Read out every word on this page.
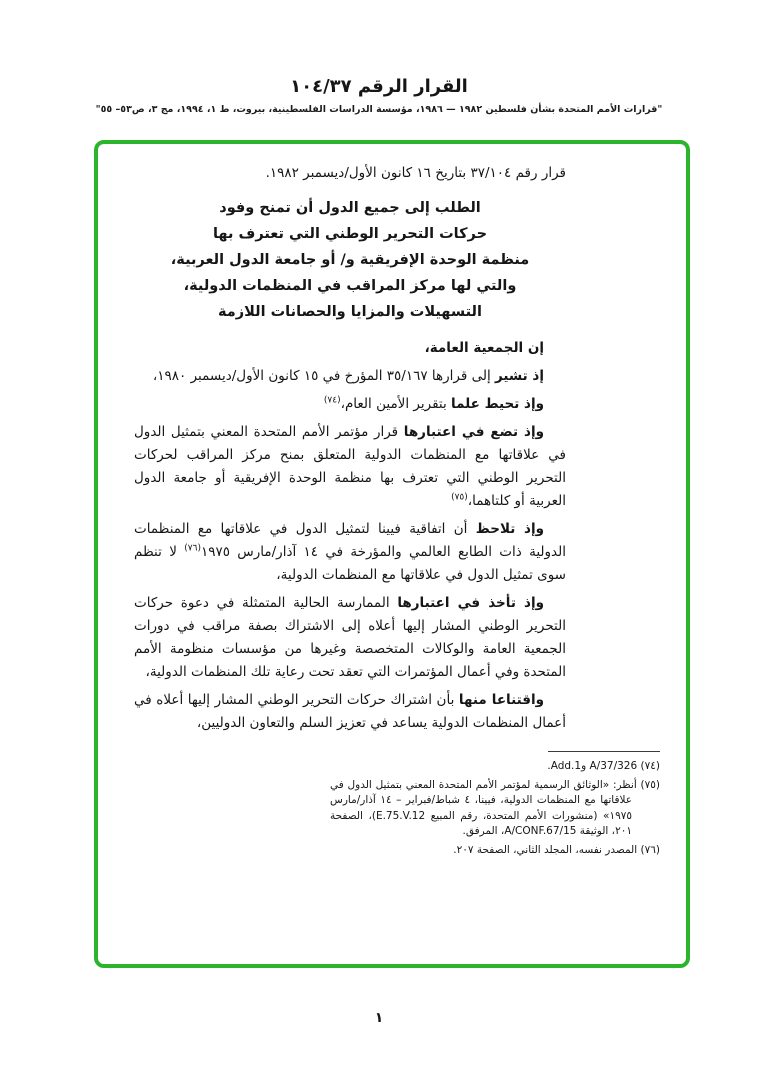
القرار الرقم ١٠٤/٣٧
"قرارات الأمم المتحدة بشأن فلسطين ١٩٨٢ — ١٩٨٦، مؤسسة الدراسات الفلسطينية، بيروت، ط ١، ١٩٩٤، مج ٣، ص٥٣– ٥٥"

قرار رقم ٣٧/١٠٤ بتاريخ ١٦ كانون الأول/ديسمبر ١٩٨٢.

الطلب إلى جميع الدول أن تمنح وفود
حركات التحرير الوطني التي تعترف بها
منظمة الوحدة الإفريقية و/ أو جامعة الدول العربية،
والتي لها مركز المراقب في المنظمات الدولية،
التسهيلات والمزايا والحصانات اللازمة

إن الجمعية العامة،

إذ تشير إلى قرارها ٣٥/١٦٧ المؤرخ في ١٥ كانون الأول/ديسمبر ١٩٨٠،

وإذ تحيط علما بتقرير الأمين العام،$^{(٧٤)}$

وإذ تضع في اعتبارها قرار مؤتمر الأمم المتحدة المعني بتمثيل الدول في علاقاتها مع المنظمات الدولية المتعلق بمنح مركز المراقب لحركات التحرير الوطني التي تعترف بها منظمة الوحدة الإفريقية أو جامعة الدول العربية أو كلتاهما،$^{(٧٥)}$

وإذ تلاحظ أن اتفاقية فيينا لتمثيل الدول في علاقاتها مع المنظمات الدولية ذات الطابع العالمي والمؤرخة في ١٤ آذار/مارس ١٩٧٥$^{(٧٦)}$ لا تنظم سوى تمثيل الدول في علاقاتها مع المنظمات الدولية،

وإذ تأخذ في اعتبارها الممارسة الحالية المتمثلة في دعوة حركات التحرير الوطني المشار إليها أعلاه إلى الاشتراك بصفة مراقب في دورات الجمعية العامة والوكالات المتخصصة وغيرها من مؤسسات منظومة الأمم المتحدة وفي أعمال المؤتمرات التي تعقد تحت رعاية تلك المنظمات الدولية،

واقتناعا منها بأن اشتراك حركات التحرير الوطني المشار إليها أعلاه في أعمال المنظمات الدولية يساعد في تعزيز السلم والتعاون الدوليين،

(٧٤) A/37/326 وAdd.1.

(٧٥) أنظر: «الوثائق الرسمية لمؤتمر الأمم المتحدة المعني بتمثيل الدول في علاقاتها مع المنظمات الدولية، فيينا، ٤ شباط/فبراير – ١٤ آذار/مارس ١٩٧٥» (منشورات الأمم المتحدة، رقم المبيع E.75.V.12)، الصفحة ٢٠١، الوثيقة A/CONF.67/15، المرفق.

(٧٦) المصدر نفسه، المجلد الثاني، الصفحة ٢٠٧.

١
